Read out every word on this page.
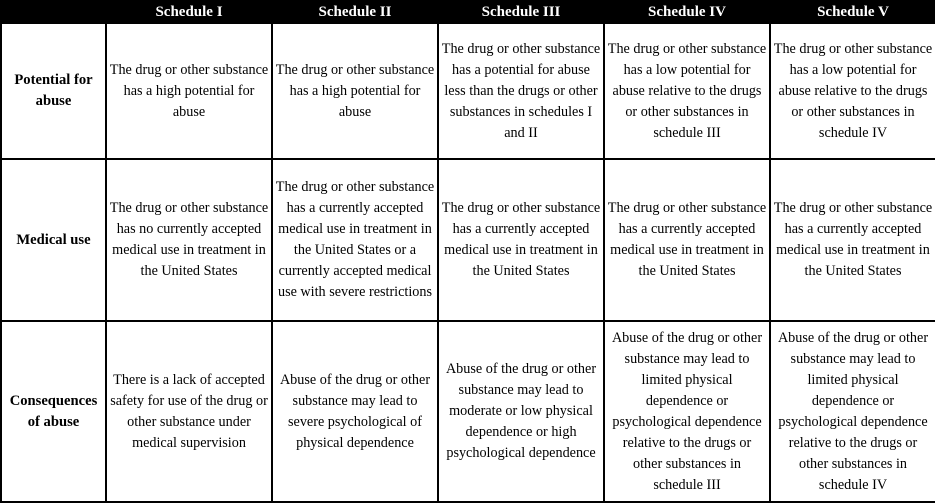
	Schedule I	Schedule II	Schedule III	Schedule IV	Schedule V
Potential for abuse	The drug or other substance has a high potential for abuse	The drug or other substance has a high potential for abuse	The drug or other substance has a potential for abuse less than the drugs or other substances in schedules I and II	The drug or other substance has a low potential for abuse relative to the drugs or other substances in schedule III	The drug or other substance has a low potential for abuse relative to the drugs or other substances in schedule IV
Medical use	The drug or other substance has no currently accepted medical use in treatment in the United States	The drug or other substance has a currently accepted medical use in treatment in the United States or a currently accepted medical use with severe restrictions	The drug or other substance has a currently accepted medical use in treatment in the United States	The drug or other substance has a currently accepted medical use in treatment in the United States	The drug or other substance has a currently accepted medical use in treatment in the United States
Consequences of abuse	There is a lack of accepted safety for use of the drug or other substance under medical supervision	Abuse of the drug or other substance may lead to severe psychological of physical dependence	Abuse of the drug or other substance may lead to moderate or low physical dependence or high psychological dependence	Abuse of the drug or other substance may lead to limited physical dependence or psychological dependence relative to the drugs or other substances in schedule III	Abuse of the drug or other substance may lead to limited physical dependence or psychological dependence relative to the drugs or other substances in schedule IV
